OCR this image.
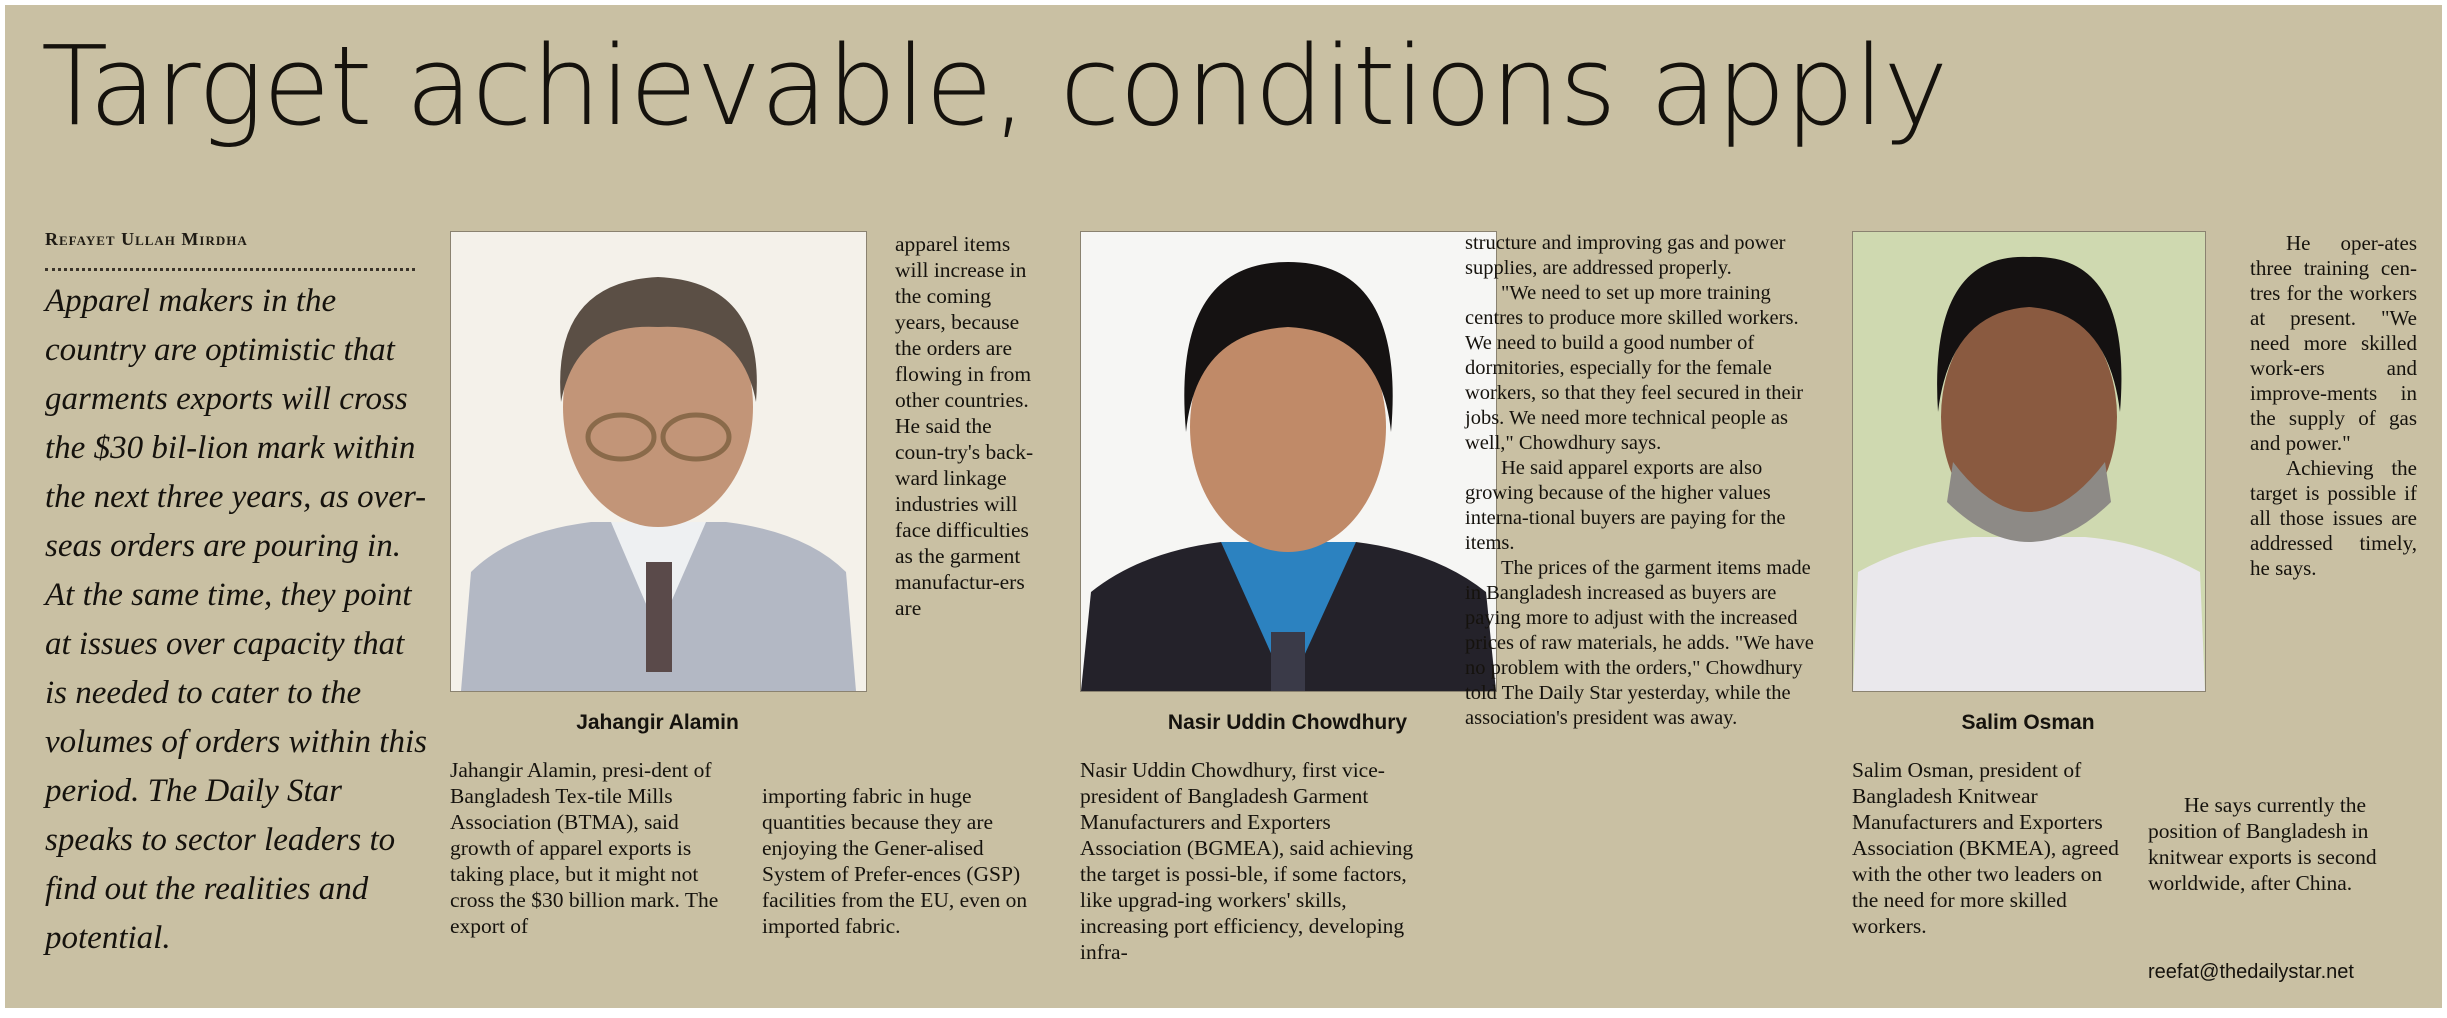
Target achievable, conditions apply
Refayet Ullah Mirdha

Apparel makers in the country are optimistic that garments exports will cross the $30 bil-lion mark within the next three years, as over-seas orders are pouring in. At the same time, they point at issues over capacity that is needed to cater to the volumes of orders within this period. The Daily Star speaks to sector leaders to find out the realities and potential.

Jahangir Alamin	Nasir Uddin Chowdhury	Salim Osman

Jahangir Alamin, presi-dent of Bangladesh Tex-tile Mills Association (BTMA), said growth of apparel exports is taking place, but it might not cross the $30 billion mark. The export of

apparel items will increase in the coming years, because the orders are flowing in from other countries. He said the coun-try's back-ward linkage industries will face difficulties as the garment manufactur-ers are

importing fabric in huge quantities because they are enjoying the Gener-alised System of Prefer-ences (GSP) facilities from the EU, even on imported fabric.

Nasir Uddin Chowdhury, first vice-president of Bangladesh Garment Manufacturers and Exporters Association (BGMEA), said achieving the target is possi-ble, if some factors, like upgrad-ing workers' skills, increasing port efficiency, developing infra-

structure and improving gas and power supplies, are addressed properly.
"We need to set up more training centres to produce more skilled workers. We need to build a good number of dormitories, especially for the female workers, so that they feel secured in their jobs. We need more technical people as well," Chowdhury says.
He said apparel exports are also growing because of the higher values interna-tional buyers are paying for the items.
The prices of the garment items made in Bangladesh increased as buyers are paying more to adjust with the increased prices of raw materials, he adds. "We have no problem with the orders," Chowdhury told The Daily Star yesterday, while the association's president was away.

Salim Osman, president of Bangladesh Knitwear Manufacturers and Exporters Association (BKMEA), agreed with the other two leaders on the need for more skilled workers.

He oper-ates three training cen-tres for the workers at present. "We need more skilled work-ers and improve-ments in the supply of gas and power."
Achieving the target is possible if all those issues are addressed timely, he says.

He says currently the position of Bangladesh in knitwear exports is second worldwide, after China.

reefat@thedailystar.net
